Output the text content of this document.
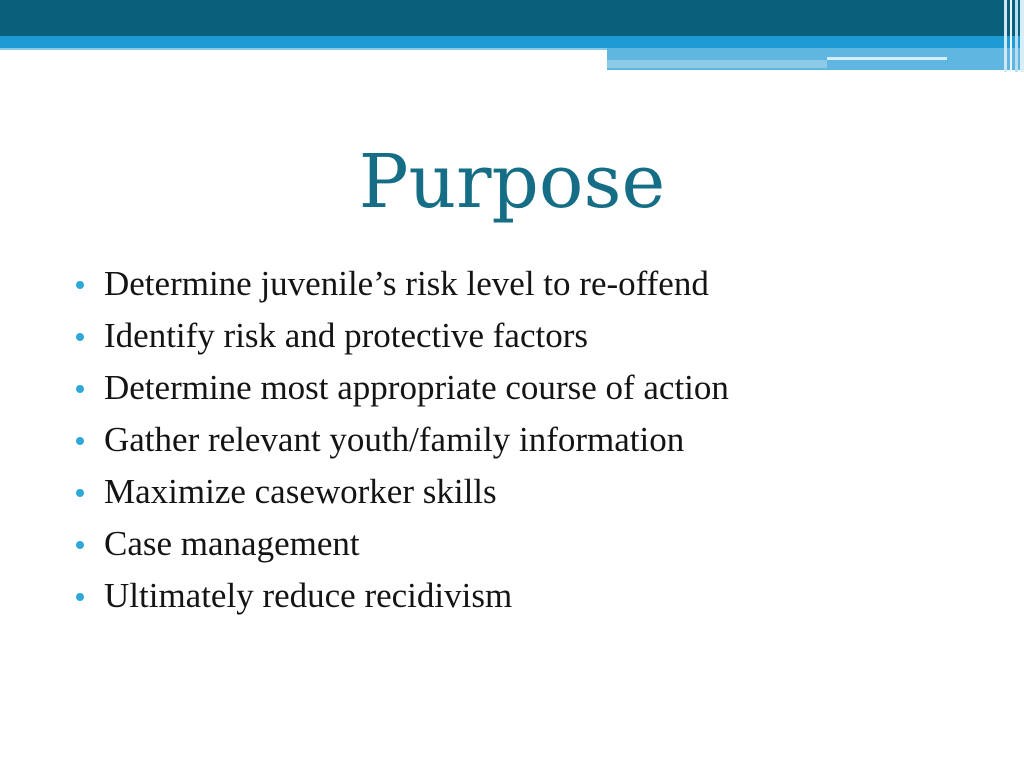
Purpose
Determine juvenile’s risk level to re-offend
Identify risk and protective factors
Determine most appropriate course of action
Gather relevant youth/family information
Maximize caseworker skills
Case management
Ultimately reduce recidivism
